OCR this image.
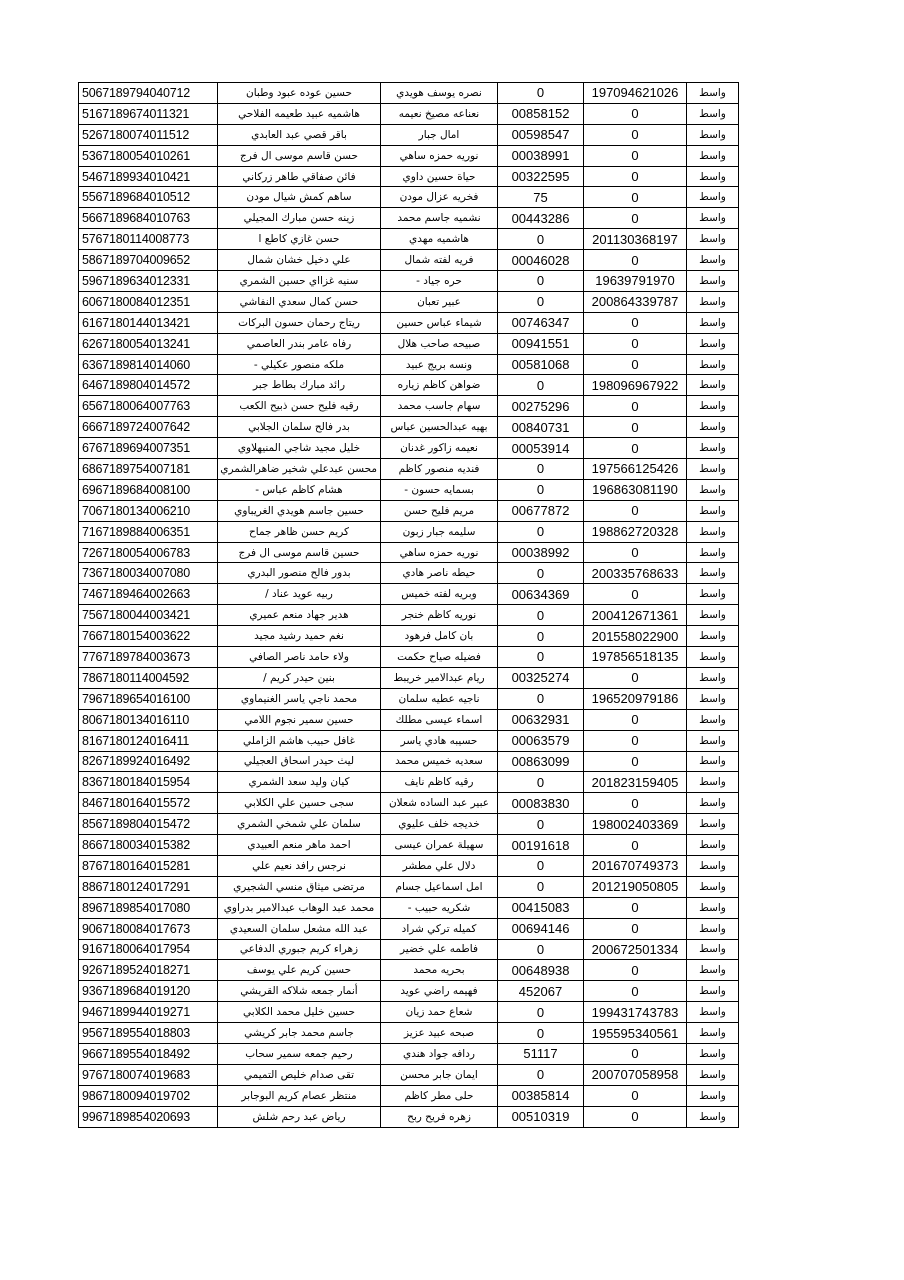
5067189794040712	حسين عوده عبود وطبان	نصره يوسف هويدي	0	197094621026	واسط
5167189674011321	هاشميه عبيد طعيمه الفلاحي	نعناعه مصيخ نعيمه	00858152	0	واسط
5267180074011512	باقر قصي عبد العابدي	امال جبار	00598547	0	واسط
5367180054010261	حسن قاسم موسى ال فرج	نوريه حمزه ساهي	00038991	0	واسط
5467189934010421	فائن صفاقي طاهر زركاني	حياة حسين داوي	00322595	0	واسط
5567189684010512	ساهم كمش شيال مودن	فخريه عزال مودن	75	0	واسط
5667189684010763	زينه حسن مبارك المجيلي	نشميه جاسم محمد	00443286	0	واسط
5767180114008773	حسن غازي كاطع ا	هاشميه مهدي	0	201130368197	واسط
5867189704009652	علي دخيل خشان شمال	فريه لفته شمال	00046028	0	واسط
5967189634012331	سنيه غزااي حسين الشمري	حره جياد -	0	19639791970	واسط
6067180084012351	حسن كمال سعدي النفاشي	عبير تعبان	0	200864339787	واسط
6167180144013421	ريتاج رحمان حسون البركات	شيماء عباس حسين	00746347	0	واسط
6267180054013241	رفاه عامر بندر العاصمي	صبيحه صاحب هلال	00941551	0	واسط
6367189814014060	ملكه منصور عكيلي -	ونسه بريج عبيد	00581068	0	واسط
6467189804014572	رائد مبارك بطاط جبر	ضواهن كاظم زياره	0	198096967922	واسط
6567180064007763	رقيه فليح حسن ذبيح الكعب	سهام جاسب محمد	00275296	0	واسط
6667189724007642	بدر فالح سلمان الجلابي	بهيه عبدالحسين عباس	00840731	0	واسط
6767189694007351	خليل مجيد شاجي المنيهلاوي	نعيمه زاكور غدنان	00053914	0	واسط
6867189754007181	محسن عبدعلي شخير ضاهرالشمري	فنديه منصور كاظم	0	197566125426	واسط
6967189684008100	هشام كاظم عباس -	بسمايه حسون -	0	196863081190	واسط
7067180134006210	حسين جاسم هويدي الغريباوي	مريم فليح حسن	00677872	0	واسط
7167189884006351	كريم حسن ظاهر جماح	سليمه جبار زبون	0	198862720328	واسط
7267180054006783	حسين قاسم موسى ال فرج	نوريه حمزه ساهي	00038992	0	واسط
7367180034007080	بدور فالح منصور البدري	حيطه ناصر هادي	0	200335768633	واسط
7467189464002663	ربيه عويد عناد /	وبريه لفته خميس	00634369	0	واسط
7567180044003421	هدير جهاد منعم عميري	نوريه كاظم خنجر	0	200412671361	واسط
7667180154003622	نغم حميد رشيد مجيد	بان كامل فرهود	0	201558022900	واسط
7767189784003673	ولاء حامد ناصر الصافي	فضيله صياح حكمت	0	197856518135	واسط
7867180114004592	بنين حيدر كريم /	ريام عبدالامير خريبط	00325274	0	واسط
7967189654016100	محمد ناجي ياسر الغنيماوي	ناجيه عطيه سلمان	0	196520979186	واسط
8067180134016110	حسين سمير نجوم اللامي	اسماء عيسى مطلك	00632931	0	واسط
8167180124016411	غافل حبيب هاشم الزاملي	حسيبه هادي ياسر	00063579	0	واسط
8267189924016492	ليث حيدر اسحاق العجيلي	سعديه خميس محمد	00863099	0	واسط
8367180184015954	كيان وليد سعد الشمري	رقيه كاظم نايف	0	201823159405	واسط
8467180164015572	سجى حسين علي الكلابي	عبير عبد الساده شعلان	00083830	0	واسط
8567189804015472	سلمان علي شمخي الشمري	خديجه خلف عليوي	0	198002403369	واسط
8667180034015382	احمد ماهر منعم العبيدي	سهيلة عمران عيسى	00191618	0	واسط
8767180164015281	نرجس رافد نعيم علي	دلال علي مطشر	0	201670749373	واسط
8867180124017291	مرتضى ميثاق منسي الشجيري	امل اسماعيل جسام	0	201219050805	واسط
8967189854017080	محمد عبد الوهاب عبدالامير بدراوي	شكريه حبيب -	00415083	0	واسط
9067180084017673	عبد الله مشعل سلمان السعيدي	كميله تركي شراد	00694146	0	واسط
9167180064017954	زهراء كريم جبوري الدفاعي	فاطمه علي خضير	0	200672501334	واسط
9267189524018271	حسين كريم علي يوسف	بحريه محمد	00648938	0	واسط
9367189684019120	أنمار جمعه شلاكه القريشي	فهيمه راضي عويد	452067	0	واسط
9467189944019271	حسين خليل محمد الكلابي	شعاع حمد زيان	0	199431743783	واسط
9567189554018803	جاسم محمد جابر كريشي	صبحه عبيد عزيز	0	195595340561	واسط
9667189554018492	رحيم جمعه سمير سحاب	ردافه جواد هندي	51117	0	واسط
9767180074019683	تقى صدام خليص التميمي	ايمان جابر محسن	0	200707058958	واسط
9867180094019702	منتظر عصام كريم البوجابر	حلى مطر كاظم	00385814	0	واسط
9967189854020693	رياض عبد رحم شلش	زهره فريح ربح	00510319	0	واسط
